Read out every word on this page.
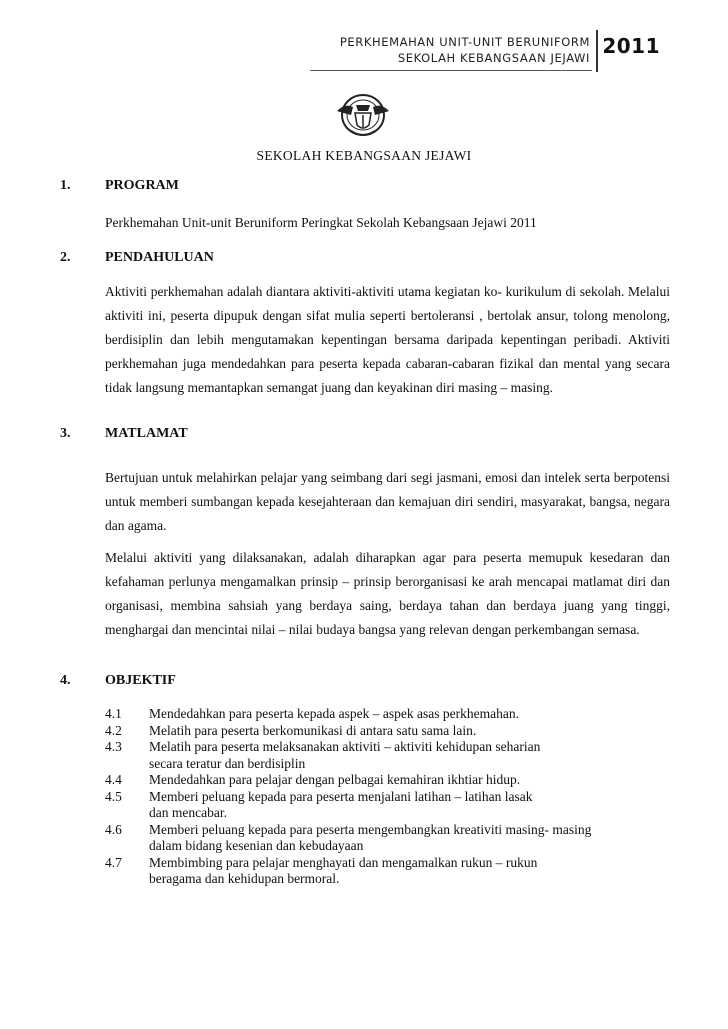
PERKHEMAHAN UNIT-UNIT BERUNIFORM
SEKOLAH KEBANGSAAN JEJAWI 2011
SEKOLAH KEBANGSAAN JEJAWI
1. PROGRAM
Perkhemahan Unit-unit Beruniform Peringkat Sekolah Kebangsaan Jejawi 2011
2. PENDAHULUAN

Aktiviti perkhemahan adalah diantara aktiviti-aktiviti utama kegiatan ko- kurikulum di sekolah. Melalui aktiviti ini, peserta dipupuk dengan sifat mulia seperti bertoleransi , bertolak ansur, tolong menolong, berdisiplin dan lebih mengutamakan kepentingan bersama daripada kepentingan peribadi. Aktiviti perkhemahan juga mendedahkan para peserta kepada cabaran-cabaran fizikal dan mental yang secara tidak langsung memantapkan semangat juang dan keyakinan diri masing – masing.

3. MATLAMAT

Bertujuan untuk melahirkan pelajar yang seimbang dari segi jasmani, emosi dan intelek serta berpotensi untuk memberi sumbangan kepada kesejahteraan dan kemajuan diri sendiri, masyarakat, bangsa, negara dan agama.

Melalui aktiviti yang dilaksanakan, adalah diharapkan agar para peserta memupuk kesedaran dan kefahaman perlunya mengamalkan prinsip – prinsip berorganisasi ke arah mencapai matlamat diri dan organisasi, membina sahsiah yang berdaya saing, berdaya tahan dan berdaya juang yang tinggi, menghargai dan mencintai nilai – nilai budaya bangsa yang relevan dengan perkembangan semasa.

4. OBJEKTIF
4.1	Mendedahkan para peserta kepada aspek – aspek asas perkhemahan.
4.2	Melatih para peserta berkomunikasi di antara satu sama lain.
4.3	Melatih para peserta melaksanakan aktiviti – aktiviti kehidupan seharian
secara teratur dan berdisiplin
4.4	Mendedahkan para pelajar dengan pelbagai kemahiran ikhtiar hidup.
4.5	Memberi peluang kepada para peserta menjalani latihan – latihan lasak
dan mencabar.
4.6	Memberi peluang kepada para peserta mengembangkan kreativiti masing- masing
dalam bidang kesenian dan kebudayaan
4.7	Membimbing para pelajar menghayati dan mengamalkan rukun – rukun
beragama dan kehidupan bermoral.
